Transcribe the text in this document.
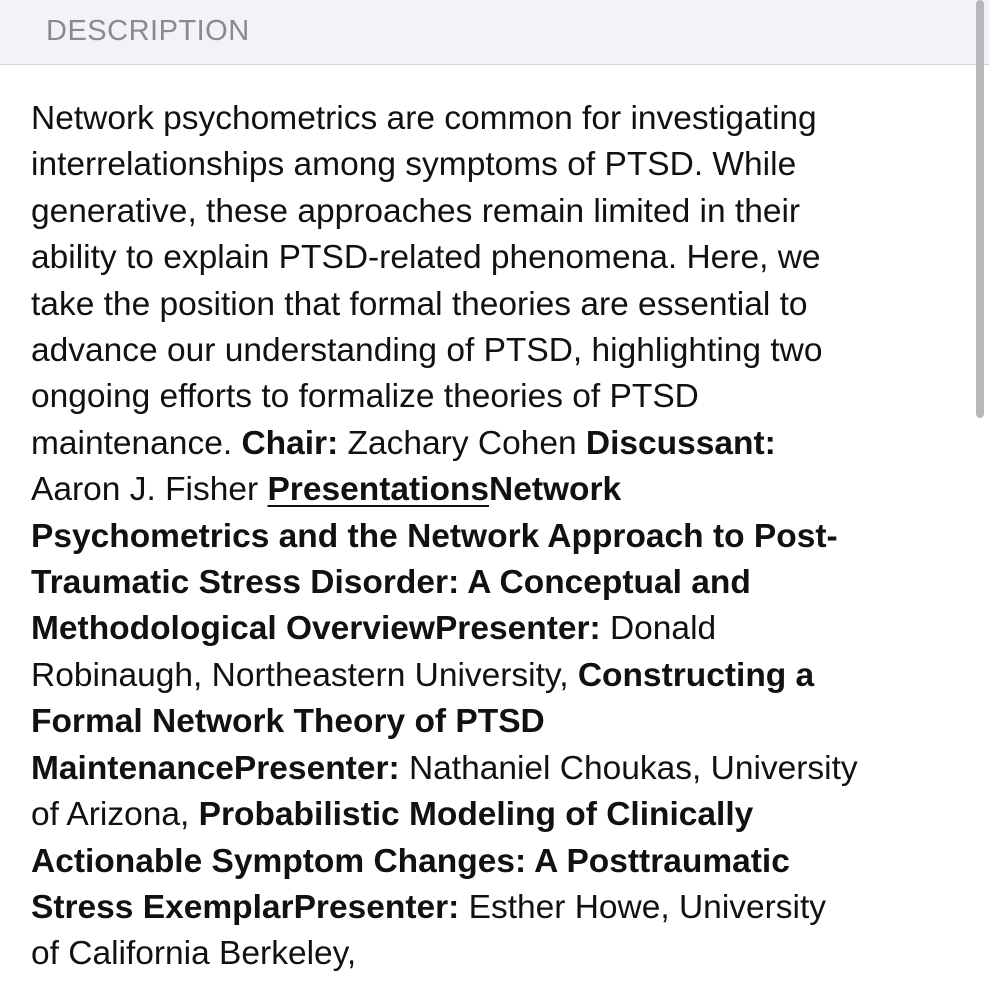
DESCRIPTION
Network psychometrics are common for investigating
interrelationships among symptoms of PTSD. While
generative, these approaches remain limited in their
ability to explain PTSD-related phenomena. Here, we
take the position that formal theories are essential to
advance our understanding of PTSD, highlighting two
ongoing efforts to formalize theories of PTSD
maintenance. Chair: Zachary Cohen Discussant:
Aaron J. Fisher PresentationsNetwork
Psychometrics and the Network Approach to Post-
Traumatic Stress Disorder: A Conceptual and
Methodological OverviewPresenter: Donald
Robinaugh, Northeastern University, Constructing a
Formal Network Theory of PTSD
MaintenancePresenter: Nathaniel Choukas, University
of Arizona, Probabilistic Modeling of Clinically
Actionable Symptom Changes: A Posttraumatic
Stress ExemplarPresenter: Esther Howe, University
of California Berkeley,
